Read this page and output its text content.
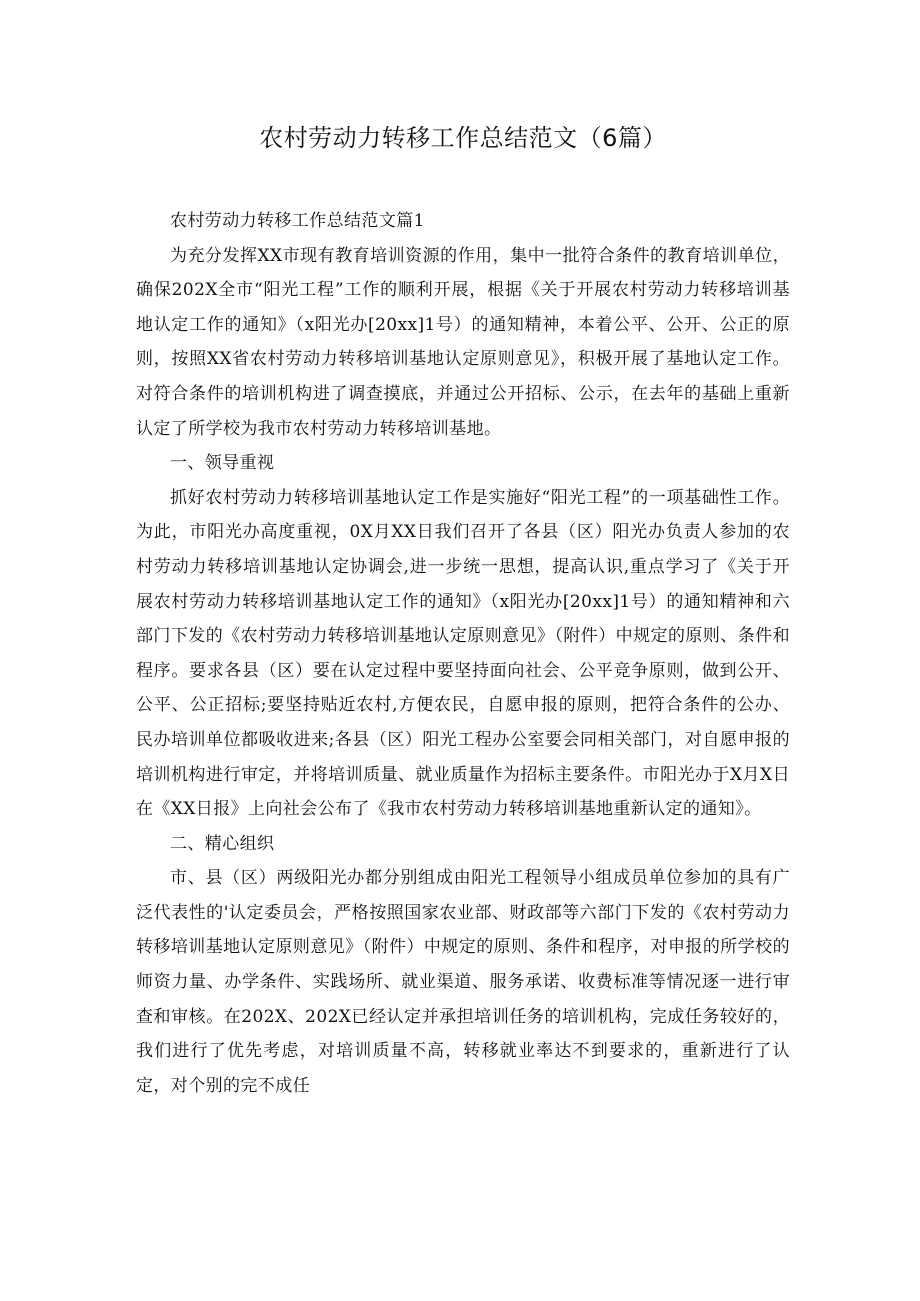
农村劳动力转移工作总结范文（6篇）

农村劳动力转移工作总结范文篇1

为充分发挥XX市现有教育培训资源的作用，集中一批符合条件的教育培训单位，确保202X全市“阳光工程”工作的顺利开展，根据《关于开展农村劳动力转移培训基地认定工作的通知》（x阳光办[20xx]1号）的通知精神，本着公平、公开、公正的原则，按照XX省农村劳动力转移培训基地认定原则意见》，积极开展了基地认定工作。对符合条件的培训机构进了调查摸底，并通过公开招标、公示，在去年的基础上重新认定了所学校为我市农村劳动力转移培训基地。

一、领导重视

抓好农村劳动力转移培训基地认定工作是实施好“阳光工程”的一项基础性工作。为此，市阳光办高度重视，0X月XX日我们召开了各县（区）阳光办负责人参加的农村劳动力转移培训基地认定协调会,进一步统一思想，提高认识,重点学习了《关于开展农村劳动力转移培训基地认定工作的通知》（x阳光办[20xx]1号）的通知精神和六部门下发的《农村劳动力转移培训基地认定原则意见》（附件）中规定的原则、条件和程序。要求各县（区）要在认定过程中要坚持面向社会、公平竞争原则，做到公开、公平、公正招标;要坚持贴近农村,方便农民，自愿申报的原则，把符合条件的公办、民办培训单位都吸收进来;各县（区）阳光工程办公室要会同相关部门，对自愿申报的培训机构进行审定，并将培训质量、就业质量作为招标主要条件。市阳光办于X月X日在《XX日报》上向社会公布了《我市农村劳动力转移培训基地重新认定的通知》。

二、精心组织

市、县（区）两级阳光办都分别组成由阳光工程领导小组成员单位参加的具有广泛代表性的'认定委员会，严格按照国家农业部、财政部等六部门下发的《农村劳动力转移培训基地认定原则意见》（附件）中规定的原则、条件和程序，对申报的所学校的师资力量、办学条件、实践场所、就业渠道、服务承诺、收费标准等情况逐一进行审查和审核。在202X、202X已经认定并承担培训任务的培训机构，完成任务较好的，我们进行了优先考虑，对培训质量不高，转移就业率达不到要求的，重新进行了认定，对个别的完不成任
